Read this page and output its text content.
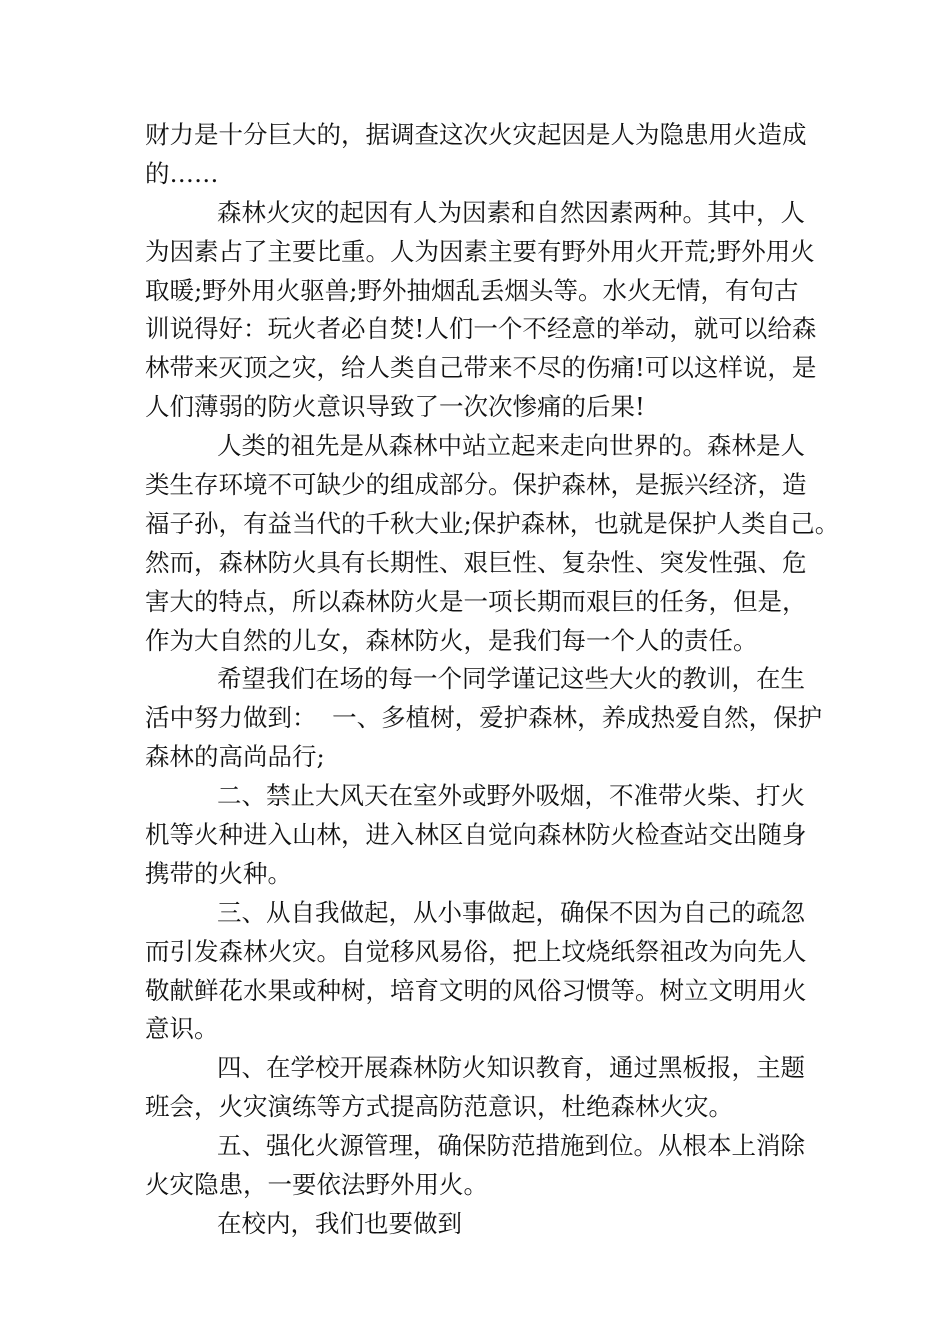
财力是十分巨大的，据调查这次火灾起因是人为隐患用火造成
的……
森林火灾的起因有人为因素和自然因素两种。其中，人
为因素占了主要比重。人为因素主要有野外用火开荒;野外用火
取暖;野外用火驱兽;野外抽烟乱丢烟头等。水火无情，有句古
训说得好：玩火者必自焚!人们一个不经意的举动，就可以给森
林带来灭顶之灾，给人类自己带来不尽的伤痛!可以这样说，是
人们薄弱的防火意识导致了一次次惨痛的后果!
人类的祖先是从森林中站立起来走向世界的。森林是人
类生存环境不可缺少的组成部分。保护森林，是振兴经济，造
福子孙，有益当代的千秋大业;保护森林，也就是保护人类自己。
然而，森林防火具有长期性、艰巨性、复杂性、突发性强、危
害大的特点，所以森林防火是一项长期而艰巨的任务，但是，
作为大自然的儿女，森林防火，是我们每一个人的责任。
希望我们在场的每一个同学谨记这些大火的教训，在生
活中努力做到：  一、多植树，爱护森林，养成热爱自然，保护
森林的高尚品行;
二、禁止大风天在室外或野外吸烟，不准带火柴、打火
机等火种进入山林，进入林区自觉向森林防火检查站交出随身
携带的火种。
三、从自我做起，从小事做起，确保不因为自己的疏忽
而引发森林火灾。自觉移风易俗，把上坟烧纸祭祖改为向先人
敬献鲜花水果或种树，培育文明的风俗习惯等。树立文明用火
意识。
四、在学校开展森林防火知识教育，通过黑板报，主题
班会，火灾演练等方式提高防范意识，杜绝森林火灾。
五、强化火源管理，确保防范措施到位。从根本上消除
火灾隐患，一要依法野外用火。
在校内，我们也要做到
